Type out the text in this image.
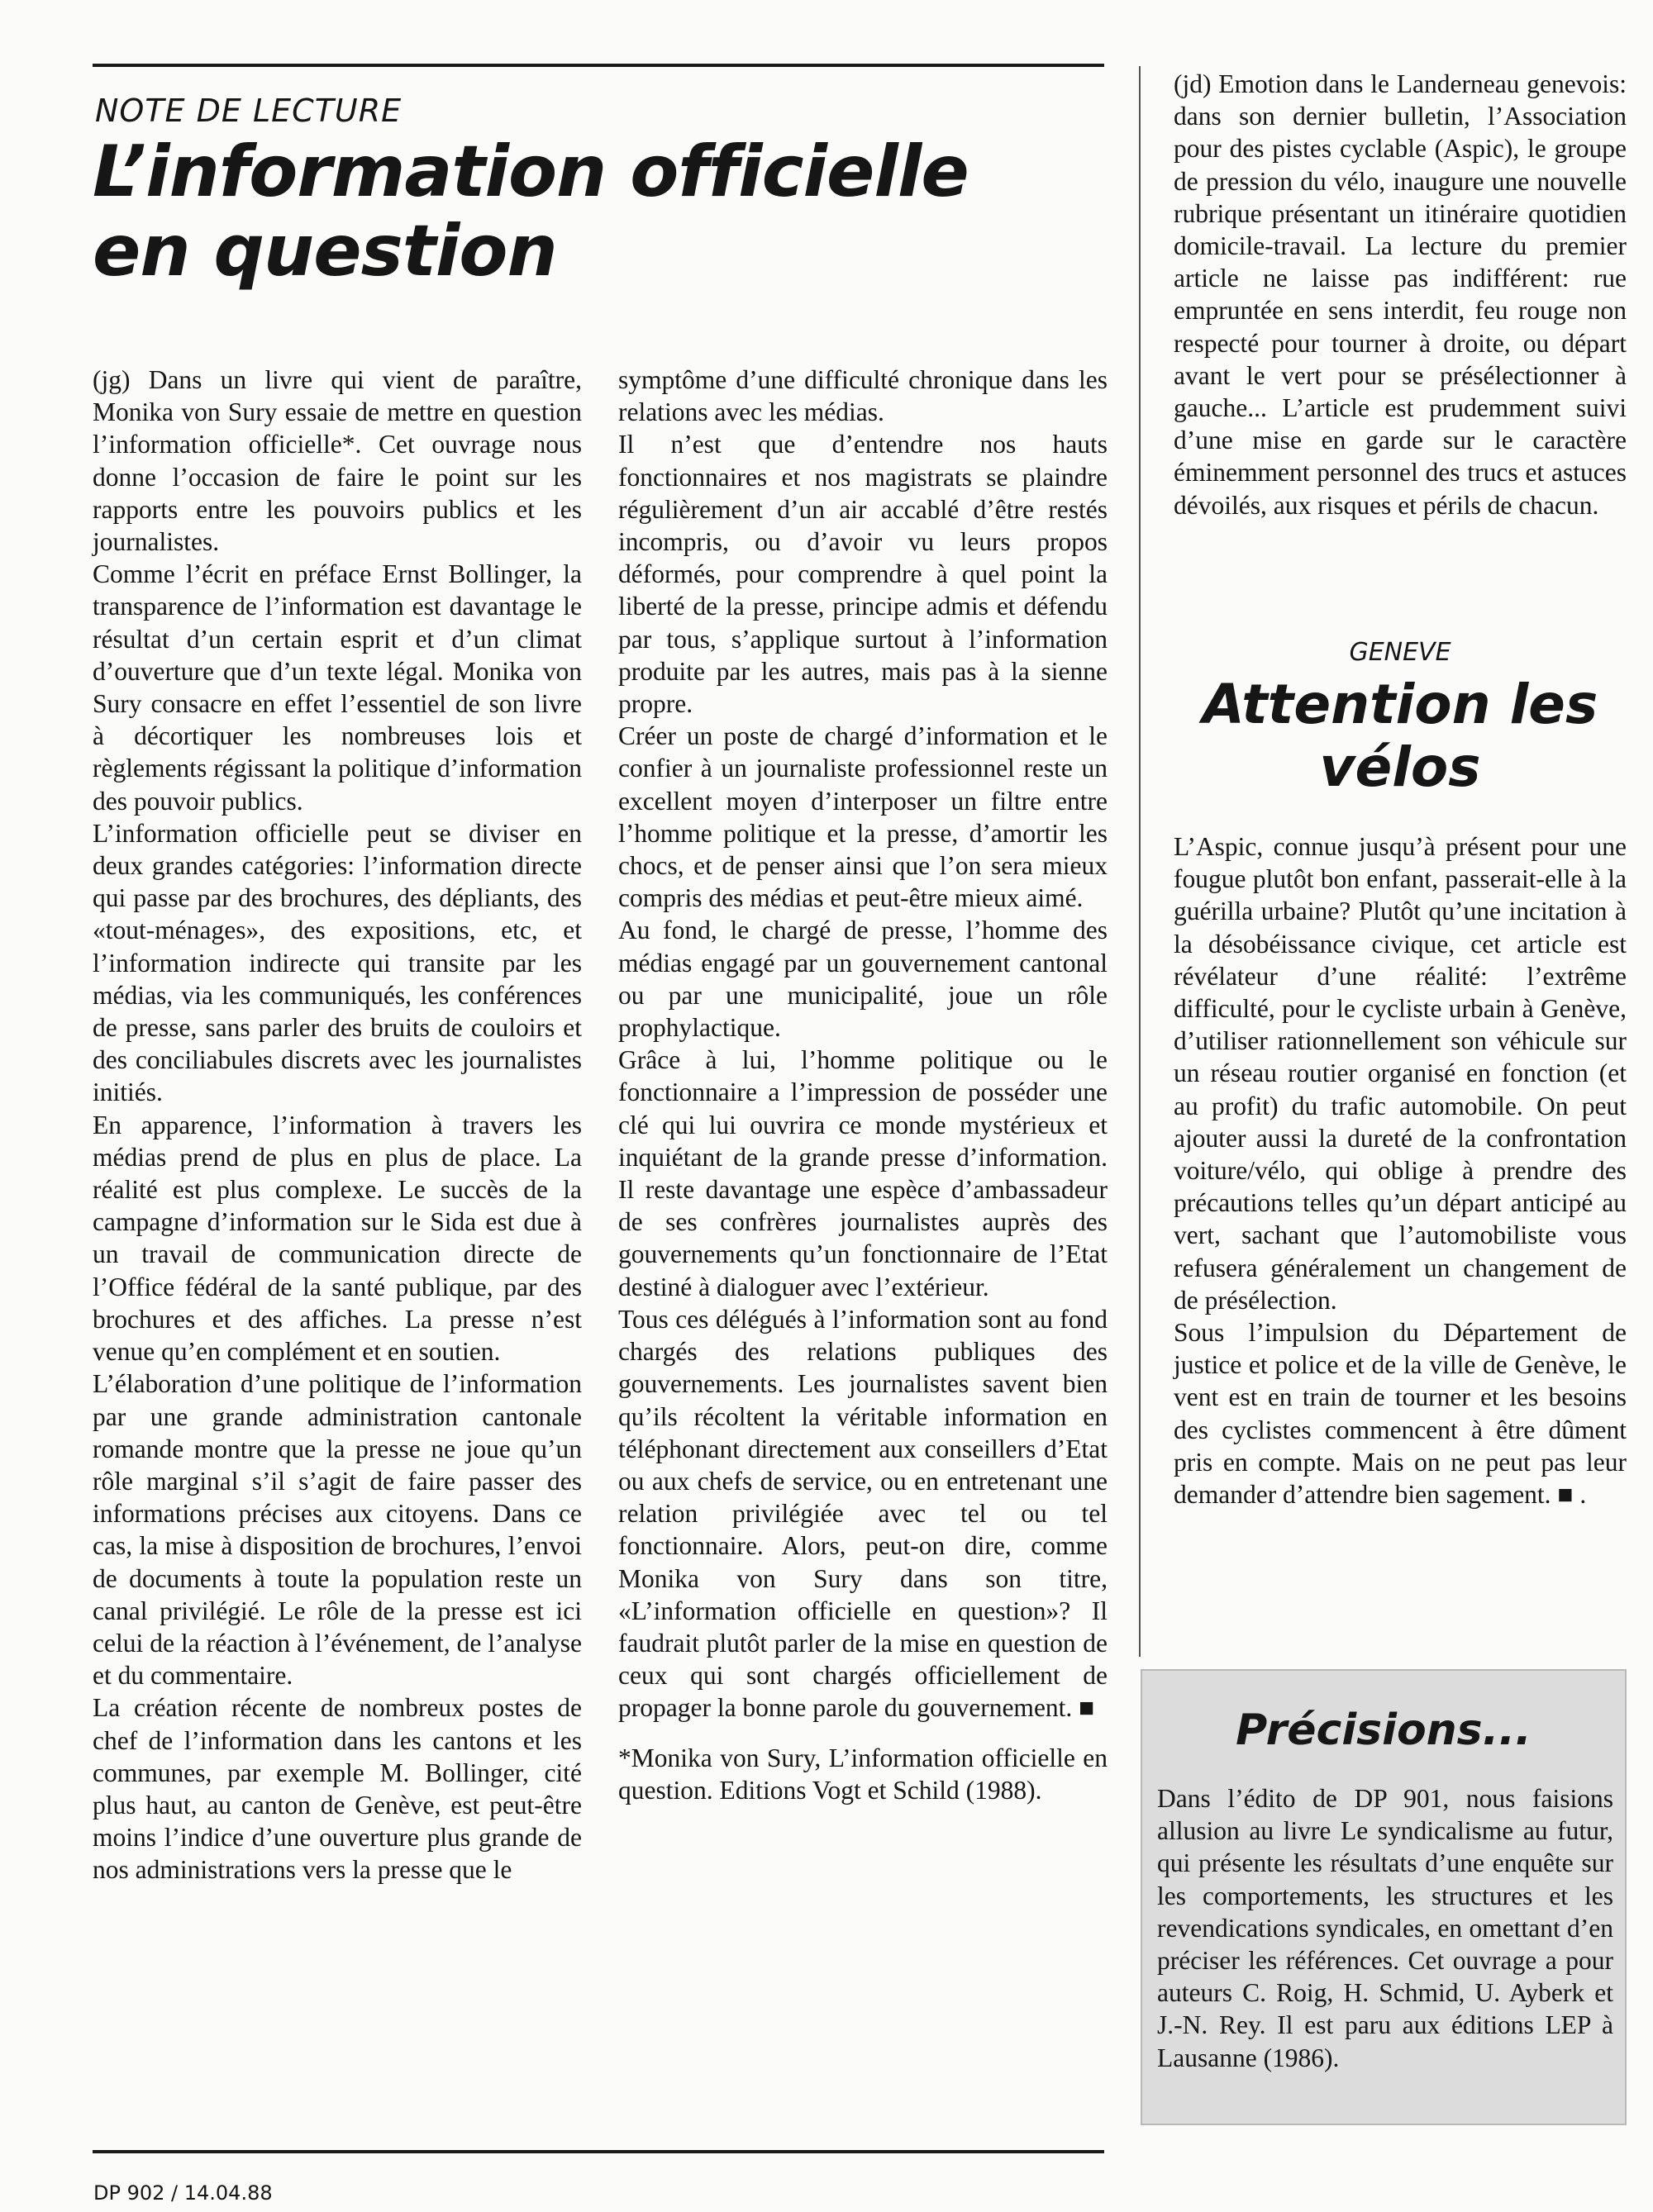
NOTE DE LECTURE
L’information officielle en question

(jg) Dans un livre qui vient de paraître, Monika von Sury essaie de mettre en question l’information officielle*. Cet ouvrage nous donne l’occasion de faire le point sur les rapports entre les pouvoirs publics et les journalistes.

Comme l’écrit en préface Ernst Bollinger, la transparence de l’information est davantage le résultat d’un certain esprit et d’un climat d’ouverture que d’un texte légal. Monika von Sury consacre en effet l’essentiel de son livre à décortiquer les nombreuses lois et règlements régissant la politique d’information des pouvoir publics.

L’information officielle peut se diviser en deux grandes catégories: l’information directe qui passe par des brochures, des dépliants, des «tout-ménages», des expositions, etc, et l’information indirecte qui transite par les médias, via les communiqués, les conférences de presse, sans parler des bruits de couloirs et des conciliabules discrets avec les journalistes initiés.

En apparence, l’information à travers les médias prend de plus en plus de place. La réalité est plus complexe. Le succès de la campagne d’information sur le Sida est due à un travail de communication directe de l’Office fédéral de la santé publique, par des brochures et des affiches. La presse n’est venue qu’en complément et en soutien.

L’élaboration d’une politique de l’information par une grande administration cantonale romande montre que la presse ne joue qu’un rôle marginal s’il s’agit de faire passer des informations précises aux citoyens. Dans ce cas, la mise à disposition de brochures, l’envoi de documents à toute la population reste un canal privilégié. Le rôle de la presse est ici celui de la réaction à l’événement, de l’analyse et du commentaire.

La création récente de nombreux postes de chef de l’information dans les cantons et les communes, par exemple M. Bollinger, cité plus haut, au canton de Genève, est peut-être moins l’indice d’une ouverture plus grande de nos administrations vers la presse que le

symptôme d’une difficulté chronique dans les relations avec les médias.

Il n’est que d’entendre nos hauts fonctionnaires et nos magistrats se plaindre régulièrement d’un air accablé d’être restés incompris, ou d’avoir vu leurs propos déformés, pour comprendre à quel point la liberté de la presse, principe admis et défendu par tous, s’applique surtout à l’information produite par les autres, mais pas à la sienne propre.

Créer un poste de chargé d’information et le confier à un journaliste professionnel reste un excellent moyen d’interposer un filtre entre l’homme politique et la presse, d’amortir les chocs, et de penser ainsi que l’on sera mieux compris des médias et peut-être mieux aimé.

Au fond, le chargé de presse, l’homme des médias engagé par un gouvernement cantonal ou par une municipalité, joue un rôle prophylactique.

Grâce à lui, l’homme politique ou le fonctionnaire a l’impression de posséder une clé qui lui ouvrira ce monde mystérieux et inquiétant de la grande presse d’information. Il reste davantage une espèce d’ambassadeur de ses confrères journalistes auprès des gouvernements qu’un fonctionnaire de l’Etat destiné à dialoguer avec l’extérieur.

Tous ces délégués à l’information sont au fond chargés des relations publiques des gouvernements. Les journalistes savent bien qu’ils récoltent la véritable information en téléphonant directement aux conseillers d’Etat ou aux chefs de service, ou en entretenant une relation privilégiée avec tel ou tel fonctionnaire. Alors, peut-on dire, comme Monika von Sury dans son titre, «L’information officielle en question»? Il faudrait plutôt parler de la mise en question de ceux qui sont chargés officiellement de propager la bonne parole du gouvernement. ■

*Monika von Sury, L’information officielle en question. Editions Vogt et Schild (1988).

(jd) Emotion dans le Landerneau genevois: dans son dernier bulletin, l’Association pour des pistes cyclable (Aspic), le groupe de pression du vélo, inaugure une nouvelle rubrique présentant un itinéraire quotidien domicile-travail. La lecture du premier article ne laisse pas indifférent: rue empruntée en sens interdit, feu rouge non respecté pour tourner à droite, ou départ avant le vert pour se présélectionner à gauche... L’article est prudemment suivi d’une mise en garde sur le caractère éminemment personnel des trucs et astuces dévoilés, aux risques et périls de chacun.

GENEVE
Attention les vélos

L’Aspic, connue jusqu’à présent pour une fougue plutôt bon enfant, passerait-elle à la guérilla urbaine? Plutôt qu’une incitation à la désobéissance civique, cet article est révélateur d’une réalité: l’extrême difficulté, pour le cycliste urbain à Genève, d’utiliser rationnellement son véhicule sur un réseau routier organisé en fonction (et au profit) du trafic automobile. On peut ajouter aussi la dureté de la confrontation voiture/vélo, qui oblige à prendre des précautions telles qu’un départ anticipé au vert, sachant que l’automobiliste vous refusera généralement un changement de de présélection.

Sous l’impulsion du Département de justice et police et de la ville de Genève, le vent est en train de tourner et les besoins des cyclistes commencent à être dûment pris en compte. Mais on ne peut pas leur demander d’attendre bien sagement. ■ .

Précisions...

Dans l’édito de DP 901, nous faisions allusion au livre Le syndicalisme au futur, qui présente les résultats d’une enquête sur les comportements, les structures et les revendications syndicales, en omettant d’en préciser les références. Cet ouvrage a pour auteurs C. Roig, H. Schmid, U. Ayberk et J.-N. Rey. Il est paru aux éditions LEP à Lausanne (1986).

DP 902 / 14.04.88
